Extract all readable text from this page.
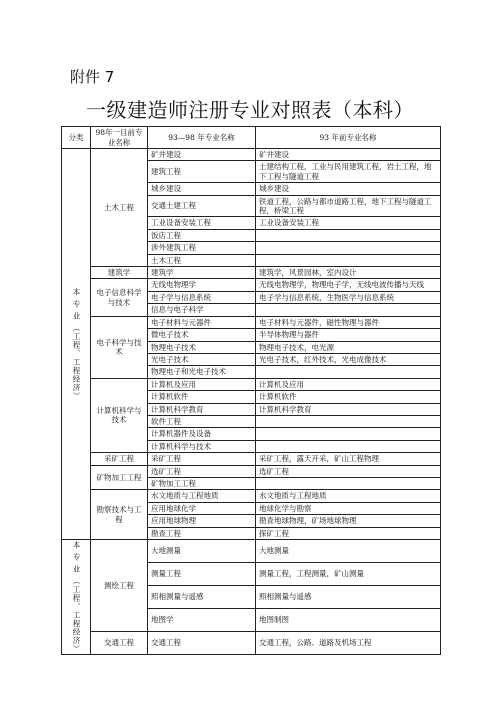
附件 7
一级建造师注册专业对照表（本科）
分类	98年一目前专业名称	93—98 年专业名称	93 年前专业名称

本 专 业 （工程、工程经济）	土木工程	矿井建设	矿井建设
		建筑工程	土建结构工程，工业与民用建筑工程，岩土工程，地下工程与隧道工程
		城乡建设	城乡建设
		交通土建工程	铁道工程，公路与都市道路工程，地下工程与隧道工程，桥梁工程
		工业设备安装工程	工业设备安装工程
		饭店工程	
		涉外建筑工程	
		土木工程	
	建筑学	建筑学	建筑学，风景园林，室内设计
	电子信息科学与技术	无线电物理学	无线电物理学，物理电子学，无线电波传播与天线
		电子学与信息系统	电子学与信息系统，生物医学与信息系统
		信息与电子科学	
	电子科学与技术	电子材料与元器件	电子材料与元器件，磁性物理与器件
		微电子技术	半导体物理与器件
		物理电子技术	物理电子技术，电光源
		光电子技术	光电子技术，红外技术，光电成像技术
		物理电子和光电子技术	
	计算机科学与技术	计算机及应用	计算机及应用
		计算机软件	计算机软件
		计算机科学教育	计算机科学教育
		软件工程	
		计算机器件及设备	
		计算机科学与技术	
	采矿工程	采矿工程	采矿工程，露天开采，矿山工程物理
	矿物加工工程	选矿工程	选矿工程
		矿物加工工程	
	勘察技术与工程	水文地质与工程地质	水文地质与工程地质
		应用地球化学	地球化学与勘察
		应用地球物理	勘查地球物理，矿场地球物理
		勘查工程	探矿工程

本 专 业 （工程、工程经济）	测绘工程	大地测量	大地测量
		测量工程	测量工程，工程测量，矿山测量
		照相测量与遥感	照相测量与遥感
		地图学	地图制图
	交通工程	交通工程	交通工程，公路、道路及机场工程
